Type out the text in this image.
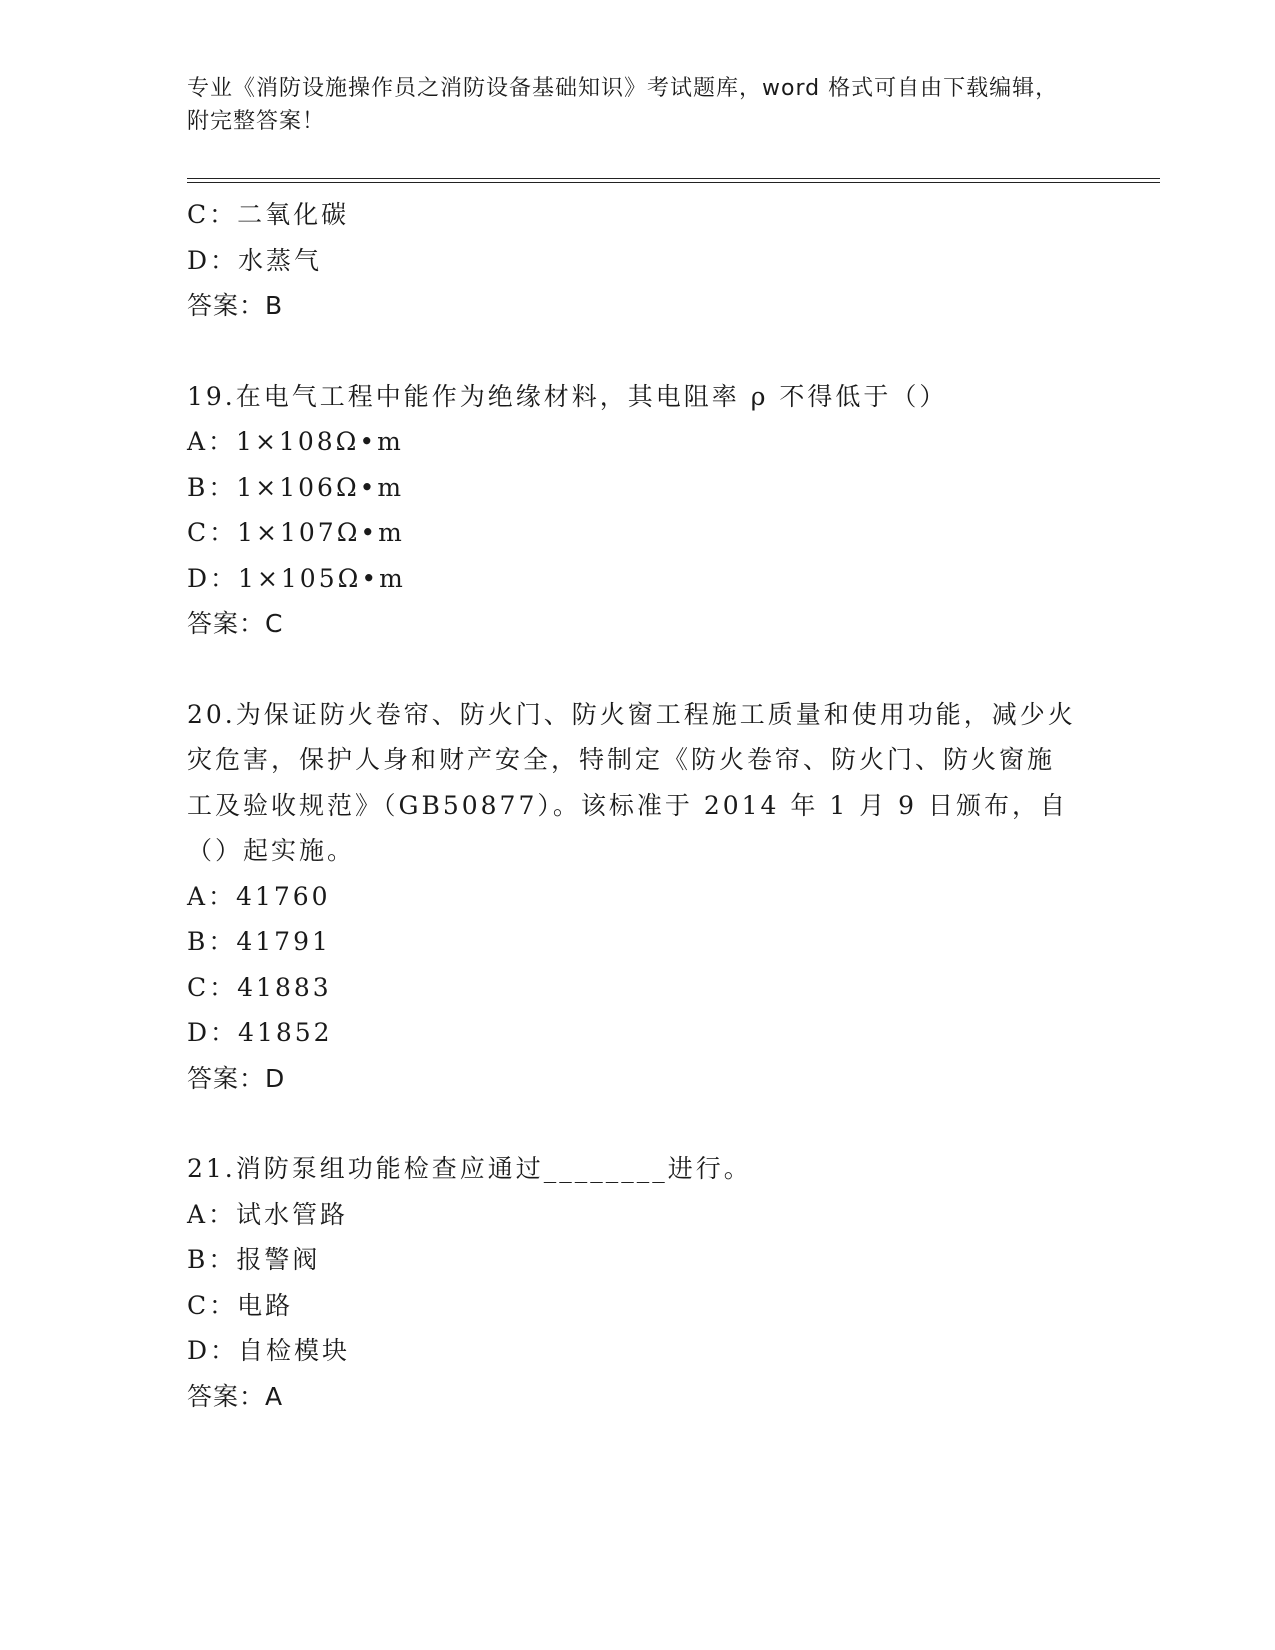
专业《消防设施操作员之消防设备基础知识》考试题库，word 格式可自由下载编辑，附完整答案！
C：二氧化碳
D：水蒸气
答案：B
19.在电气工程中能作为绝缘材料，其电阻率 ρ 不得低于（）
A：1×108Ω•m
B：1×106Ω•m
C：1×107Ω•m
D：1×105Ω•m
答案：C
20.为保证防火卷帘、防火门、防火窗工程施工质量和使用功能，减少火灾危害，保护人身和财产安全，特制定《防火卷帘、防火门、防火窗施工及验收规范》（GB50877）。该标准于 2014 年 1 月 9 日颁布，自（）起实施。
A：41760
B：41791
C：41883
D：41852
答案：D
21.消防泵组功能检查应通过________进行。
A：试水管路
B：报警阀
C：电路
D：自检模块
答案：A
